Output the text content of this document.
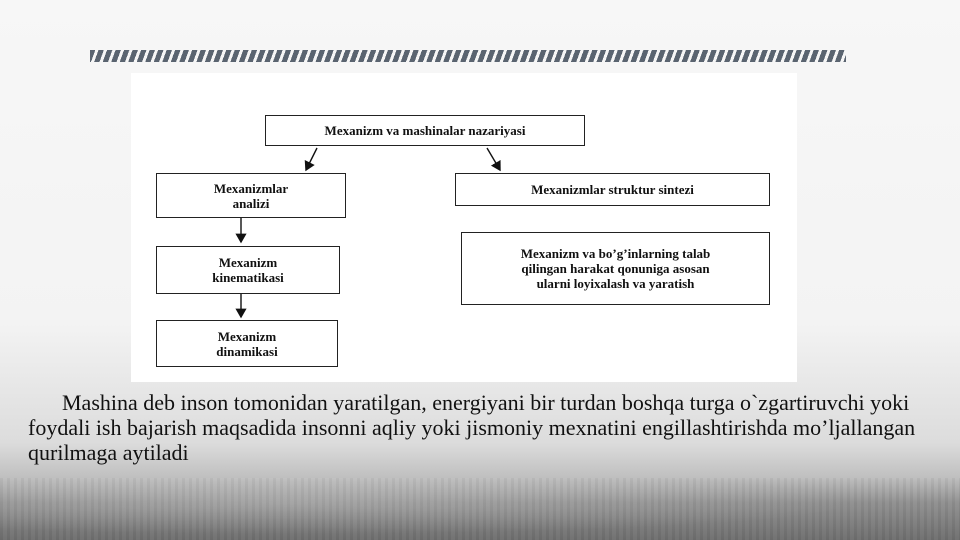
Mexanizm va mashinalar nazariyasi
Mexanizmlar
analizi
Mexanizm
kinematikasi
Mexanizm
dinamikasi
Mexanizmlar struktur sintezi
Mexanizm va bo’g’inlarning talab
qilingan harakat qonuniga asosan
ularni loyixalash va yaratish

Mashina deb inson tomonidan yaratilgan, energiyani bir turdan boshqa turga o`zgartiruvchi yoki foydali ish bajarish maqsadida insonni aqliy yoki jismoniy mexnatini engillashtirishda mo’ljallangan qurilmaga aytiladi
